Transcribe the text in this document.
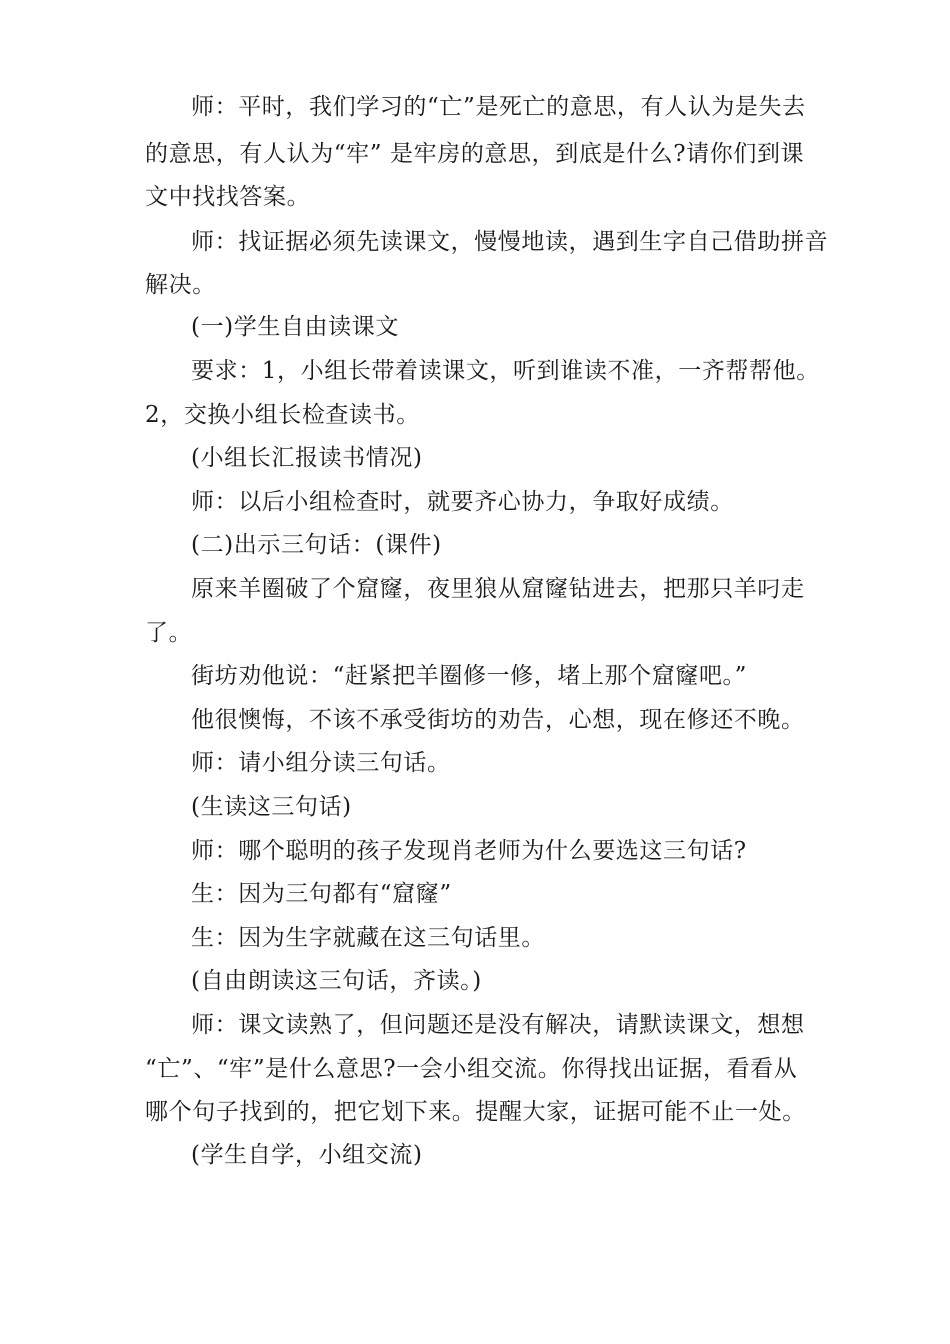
师：平时，我们学习的“亡”是死亡的意思，有人认为是失去
的意思，有人认为“牢” 是牢房的意思，到底是什么?请你们到课
文中找找答案。
师：找证据必须先读课文，慢慢地读，遇到生字自己借助拼音
解决。
(一)学生自由读课文
要求：1，小组长带着读课文，听到谁读不准，一齐帮帮他。
2，交换小组长检查读书。
(小组长汇报读书情况)
师：以后小组检查时，就要齐心协力，争取好成绩。
(二)出示三句话：(课件)
原来羊圈破了个窟窿，夜里狼从窟窿钻进去，把那只羊叼走
了。
街坊劝他说：“赶紧把羊圈修一修，堵上那个窟窿吧。”
他很懊悔，不该不承受街坊的劝告，心想，现在修还不晚。
师：请小组分读三句话。
(生读这三句话)
师：哪个聪明的孩子发现肖老师为什么要选这三句话?
生：因为三句都有“窟窿”
生：因为生字就藏在这三句话里。
(自由朗读这三句话，齐读。)
师：课文读熟了，但问题还是没有解决，请默读课文，想想
“亡”、“牢”是什么意思?一会小组交流。你得找出证据，看看从
哪个句子找到的，把它划下来。提醒大家，证据可能不止一处。
(学生自学，小组交流)
